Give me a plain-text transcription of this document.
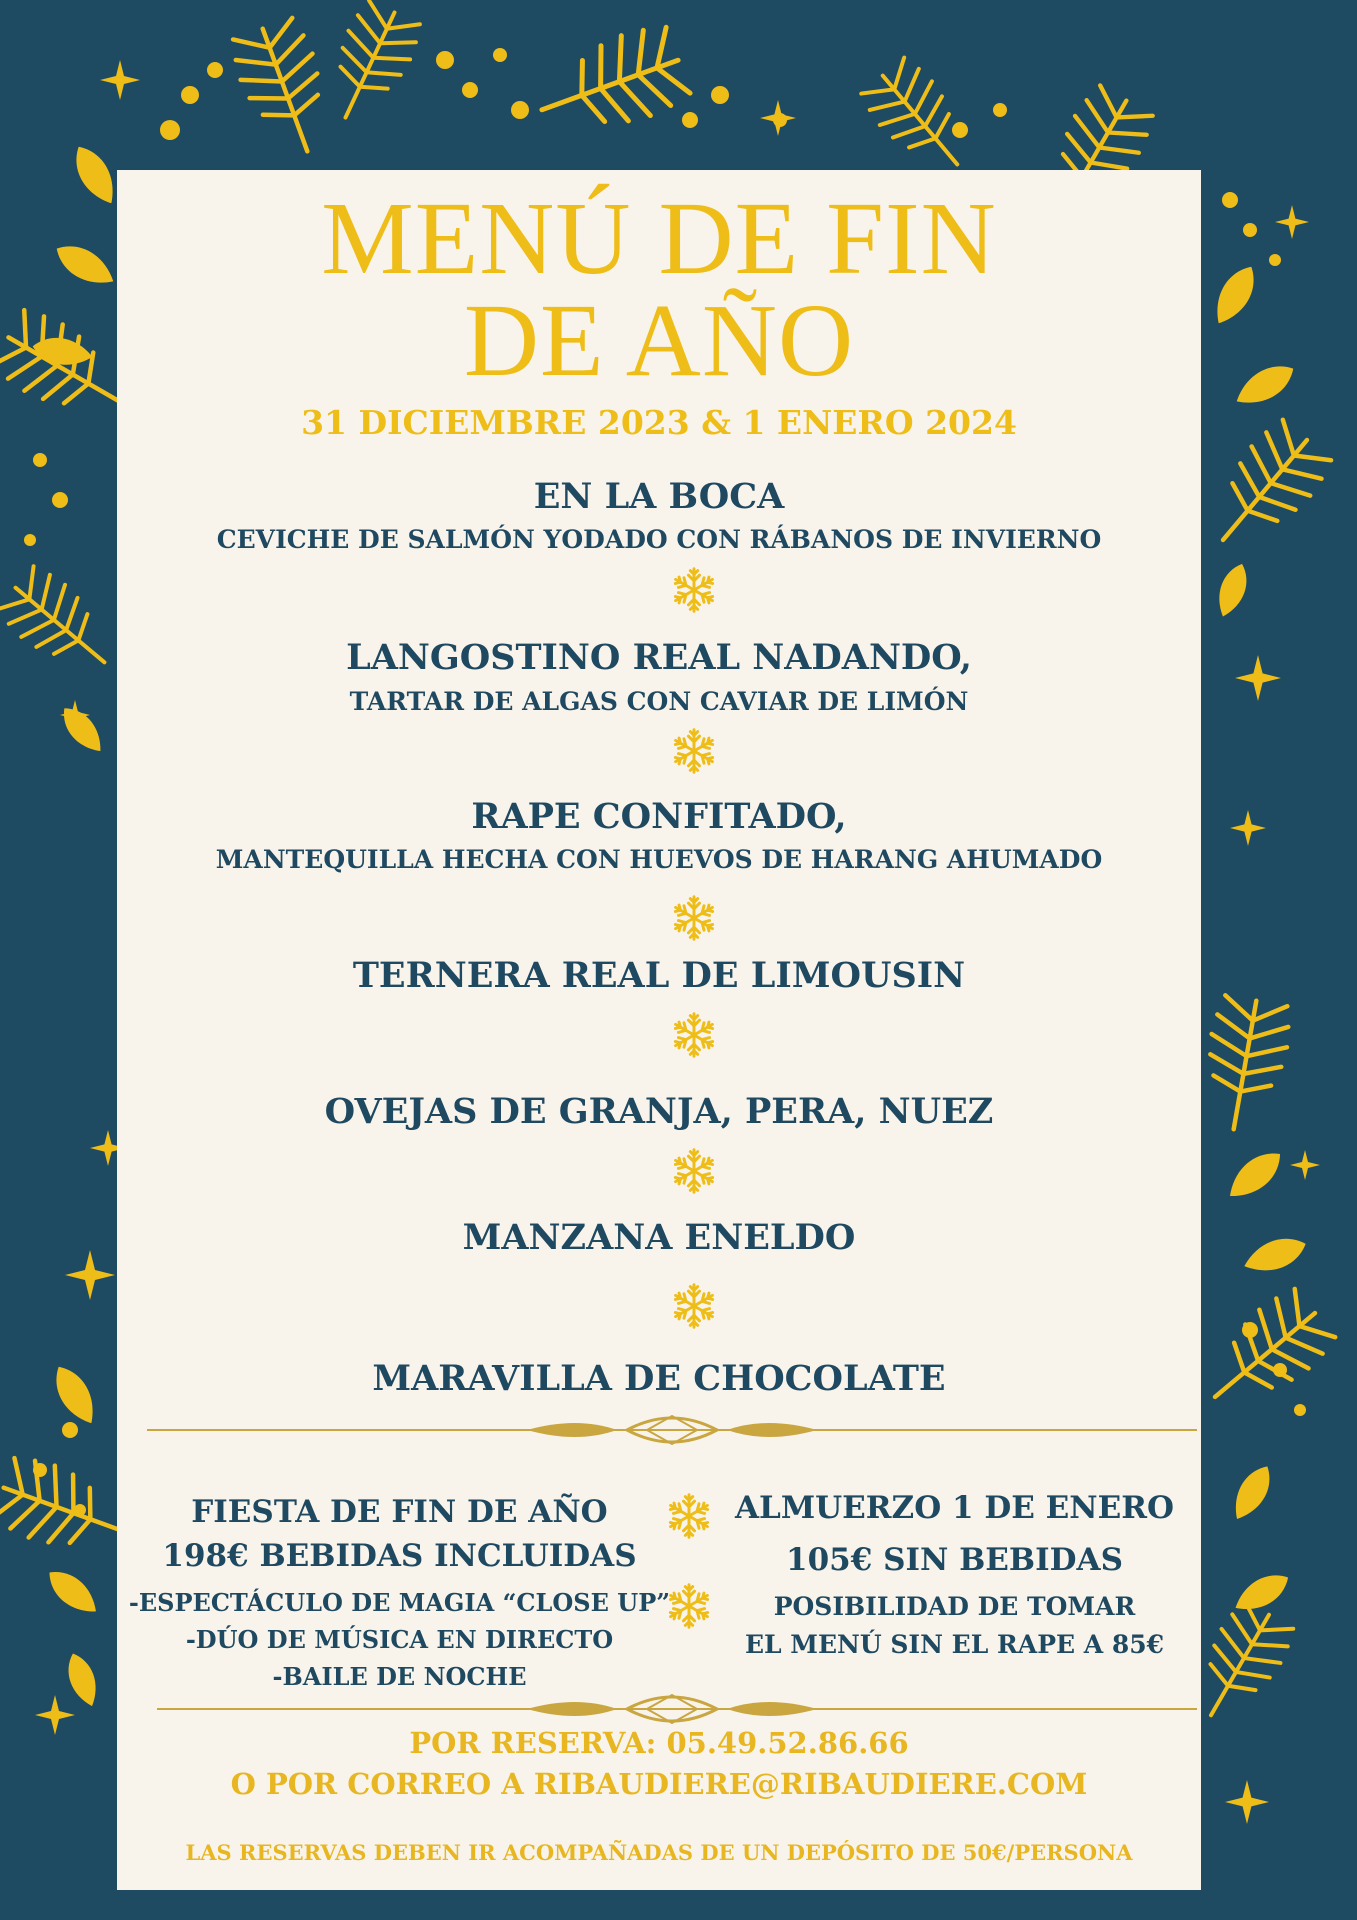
MENÚ DE FIN
DE AÑO
31 DICIEMBRE 2023 & 1 ENERO 2024
EN LA BOCA
CEVICHE DE SALMÓN YODADO CON RÁBANOS DE INVIERNO
LANGOSTINO REAL NADANDO,
TARTAR DE ALGAS CON CAVIAR DE LIMÓN
RAPE CONFITADO,
MANTEQUILLA HECHA CON HUEVOS DE HARANG AHUMADO
TERNERA REAL DE LIMOUSIN
OVEJAS DE GRANJA, PERA, NUEZ
MANZANA ENELDO
MARAVILLA DE CHOCOLATE
FIESTA DE FIN DE AÑO
198€ BEBIDAS INCLUIDAS
-ESPECTÁCULO DE MAGIA “CLOSE UP”
-DÚO DE MÚSICA EN DIRECTO
-BAILE DE NOCHE
ALMUERZO 1 DE ENERO
105€ SIN BEBIDAS
POSIBILIDAD DE TOMAR
EL MENÚ SIN EL RAPE A 85€
POR RESERVA: 05.49.52.86.66
O POR CORREO A RIBAUDIERE@RIBAUDIERE.COM
LAS RESERVAS DEBEN IR ACOMPAÑADAS DE UN DEPÓSITO DE 50€/PERSONA
